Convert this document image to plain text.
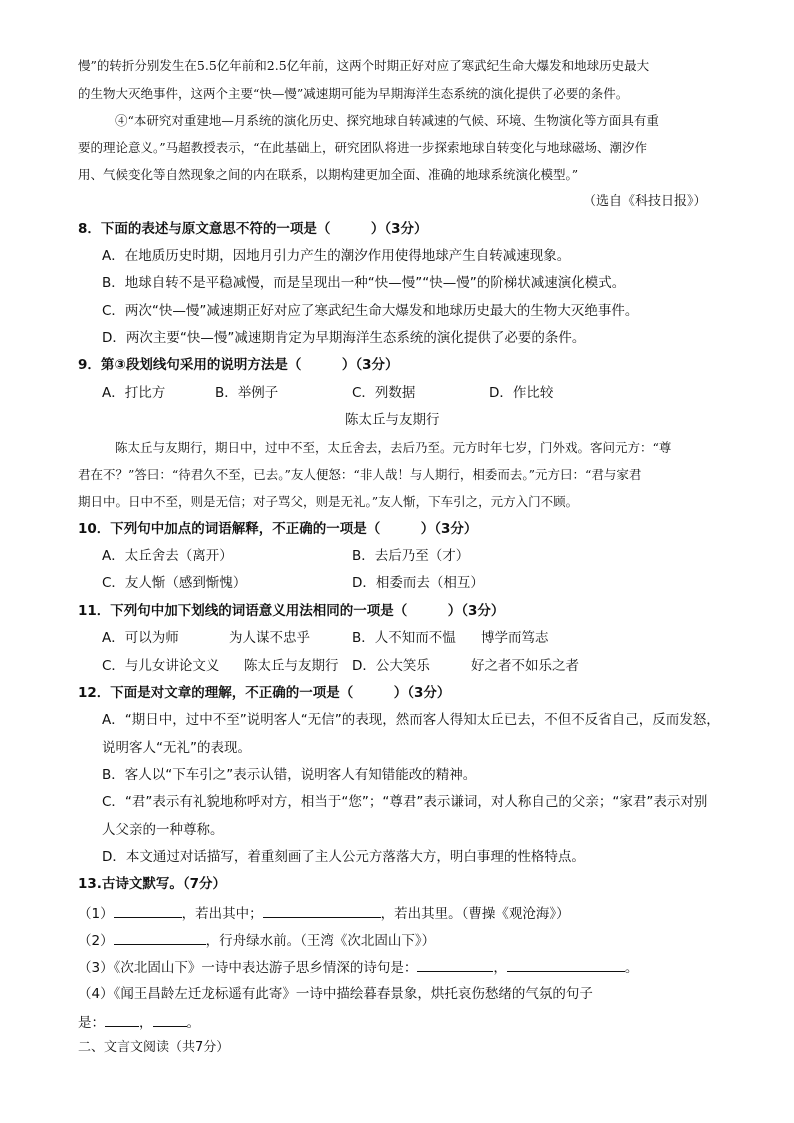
慢”的转折分别发生在5.5亿年前和2.5亿年前，这两个时期正好对应了寒武纪生命大爆发和地球历史最大
的生物大灭绝事件，这两个主要“快—慢”减速期可能为早期海洋生态系统的演化提供了必要的条件。
④“本研究对重建地—月系统的演化历史、探究地球自转减速的气候、环境、生物演化等方面具有重
要的理论意义。”马超教授表示，“在此基础上，研究团队将进一步探索地球自转变化与地球磁场、潮汐作
用、气候变化等自然现象之间的内在联系，以期构建更加全面、准确的地球系统演化模型。”
（选自《科技日报》）
8．下面的表述与原文意思不符的一项是（　　　）（3分）
A．在地质历史时期，因地月引力产生的潮汐作用使得地球产生自转减速现象。
B．地球自转不是平稳减慢，而是呈现出一种“快—慢”“快—慢”的阶梯状减速演化模式。
C．两次“快—慢”减速期正好对应了寒武纪生命大爆发和地球历史最大的生物大灭绝事件。
D．两次主要“快—慢”减速期肯定为早期海洋生态系统的演化提供了必要的条件。
9．第③段划线句采用的说明方法是（　　　）（3分）
A．打比方	B．举例子	C．列数据	D．作比较
陈太丘与友期行
陈太丘与友期行，期日中，过中不至，太丘舍去，去后乃至。元方时年七岁，门外戏。客问元方：“尊
君在不？”答曰：“待君久不至，已去。”友人便怒：“非人哉！与人期行，相委而去。”元方曰：“君与家君
期日中。日中不至，则是无信；对子骂父，则是无礼。”友人惭，下车引之，元方入门不顾。
10．下列句中加点的词语解释，不正确的一项是（　　　）（3分）
A．太丘舍去（离开）	B．去后乃至（才）
C．友人惭（感到惭愧）	D．相委而去（相互）
11．下列句中加下划线的词语意义用法相同的一项是（　　　）（3分）
A．可以为师	为人谋不忠乎	B．人不知而不愠 博学而笃志
C．与儿女讲论文义 陈太丘与友期行 D．公大笑乐	好之者不如乐之者
12．下面是对文章的理解，不正确的一项是（　　　）（3分）
A．“期日中，过中不至”说明客人“无信”的表现，然而客人得知太丘已去，不但不反省自己，反而发怒，
说明客人“无礼”的表现。
B．客人以“下车引之”表示认错，说明客人有知错能改的精神。
C．“君”表示有礼貌地称呼对方，相当于“您”；“尊君”表示谦词，对人称自己的父亲；“家君”表示对别
人父亲的一种尊称。
D．本文通过对话描写，着重刻画了主人公元方落落大方，明白事理的性格特点。
13.古诗文默写。（7分）
（1）	，若出其中；	，若出其里。（曹操《观沧海》）
（2）	，行舟绿水前。（王湾《次北固山下》）
（3）《次北固山下》一诗中表达游子思乡情深的诗句是：	，	。
（4）《闻王昌龄左迁龙标遥有此寄》一诗中描绘暮春景象，烘托哀伤愁绪的气氛的句子
是：	，	。
二、文言文阅读（共7分）
